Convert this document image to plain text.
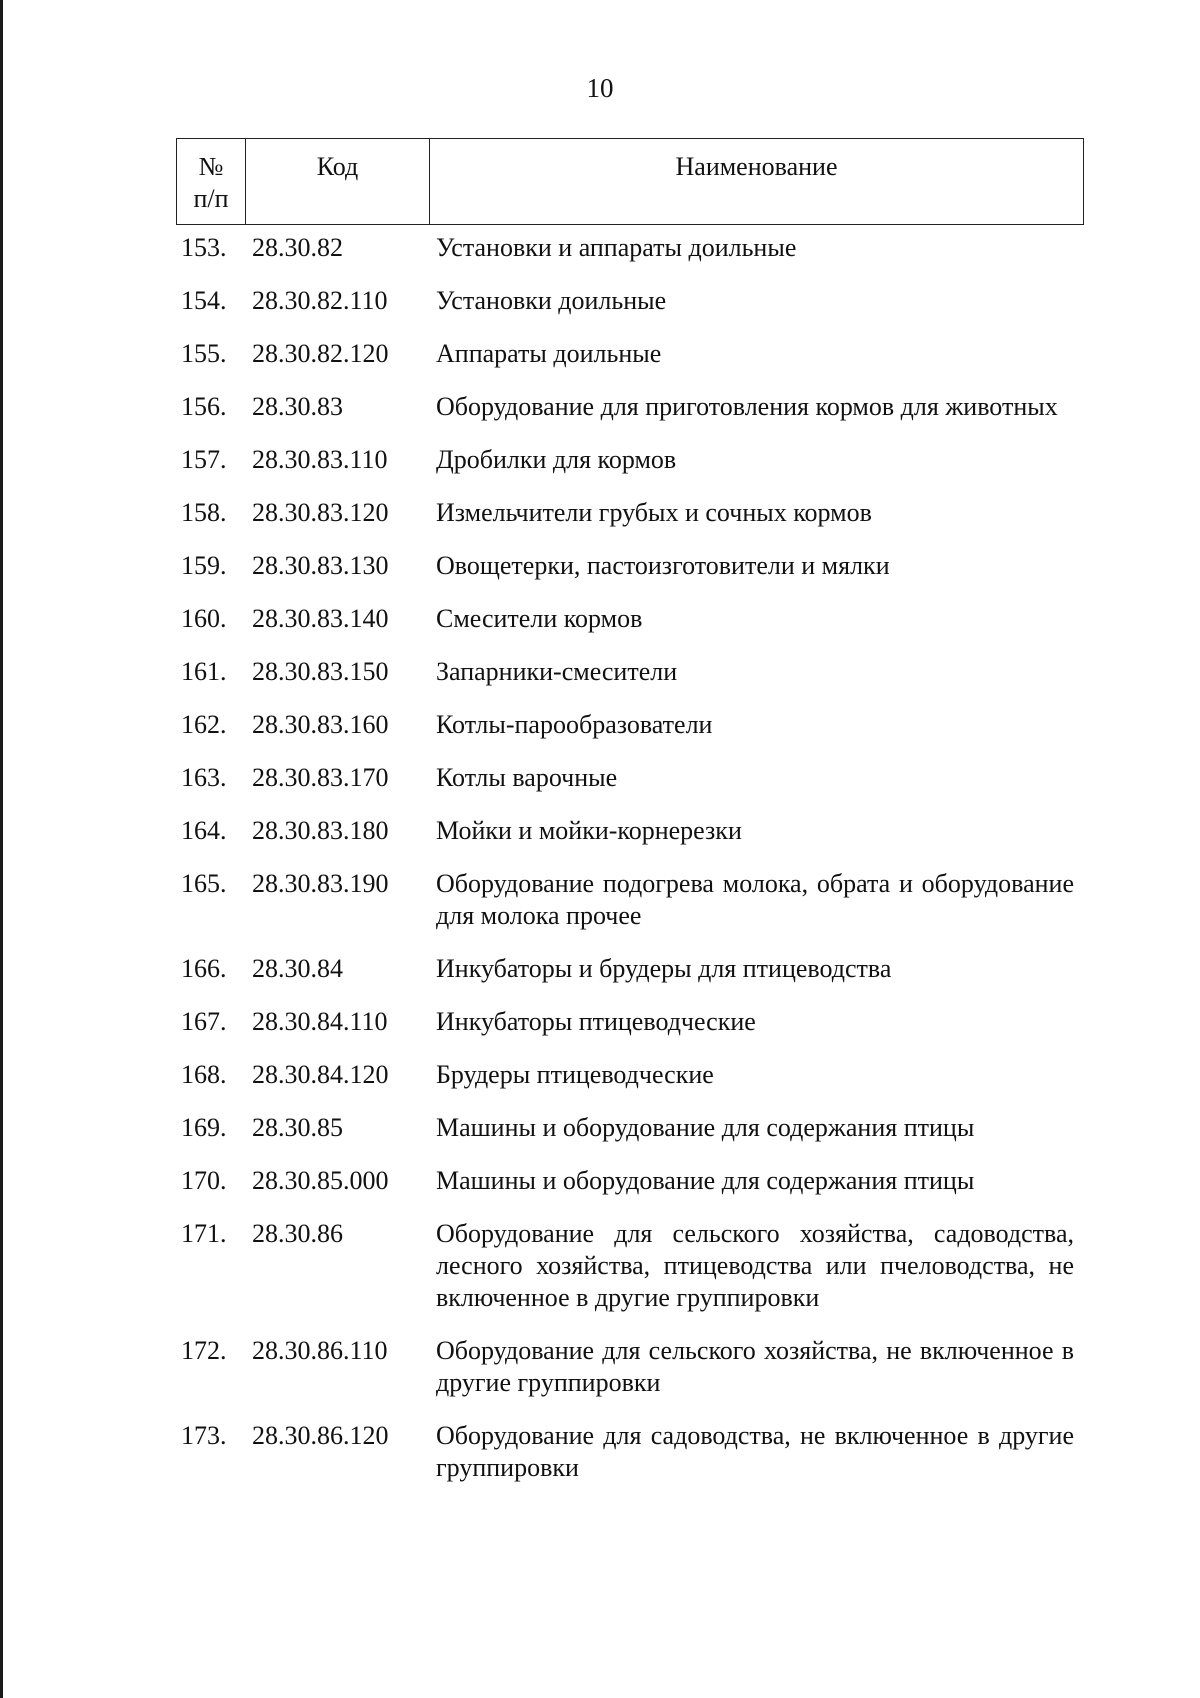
10
№
п/п
Код	Наименование
153. 28.30.82	Установки и аппараты доильные
154. 28.30.82.110	Установки доильные
155. 28.30.82.120	Аппараты доильные
156. 28.30.83	Оборудование для приготовления кормов для животных
157. 28.30.83.110	Дробилки для кормов
158. 28.30.83.120	Измельчители грубых и сочных кормов
159. 28.30.83.130	Овощетерки, пастоизготовители и мялки
160. 28.30.83.140	Смесители кормов
161. 28.30.83.150	Запарники-смесители
162. 28.30.83.160	Котлы-парообразователи
163. 28.30.83.170	Котлы варочные
164. 28.30.83.180	Мойки и мойки-корнерезки
165. 28.30.83.190	Оборудование подогрева молока, обрата и оборудование для молока прочее
166. 28.30.84	Инкубаторы и брудеры для птицеводства
167. 28.30.84.110	Инкубаторы птицеводческие
168. 28.30.84.120	Брудеры птицеводческие
169. 28.30.85	Машины и оборудование для содержания птицы
170. 28.30.85.000	Машины и оборудование для содержания птицы
171. 28.30.86	Оборудование для сельского хозяйства, садоводства, лесного хозяйства, птицеводства или пчеловодства, не включенное в другие группировки
172. 28.30.86.110	Оборудование для сельского хозяйства, не включенное в другие группировки
173. 28.30.86.120	Оборудование для садоводства, не включенное в другие группировки
